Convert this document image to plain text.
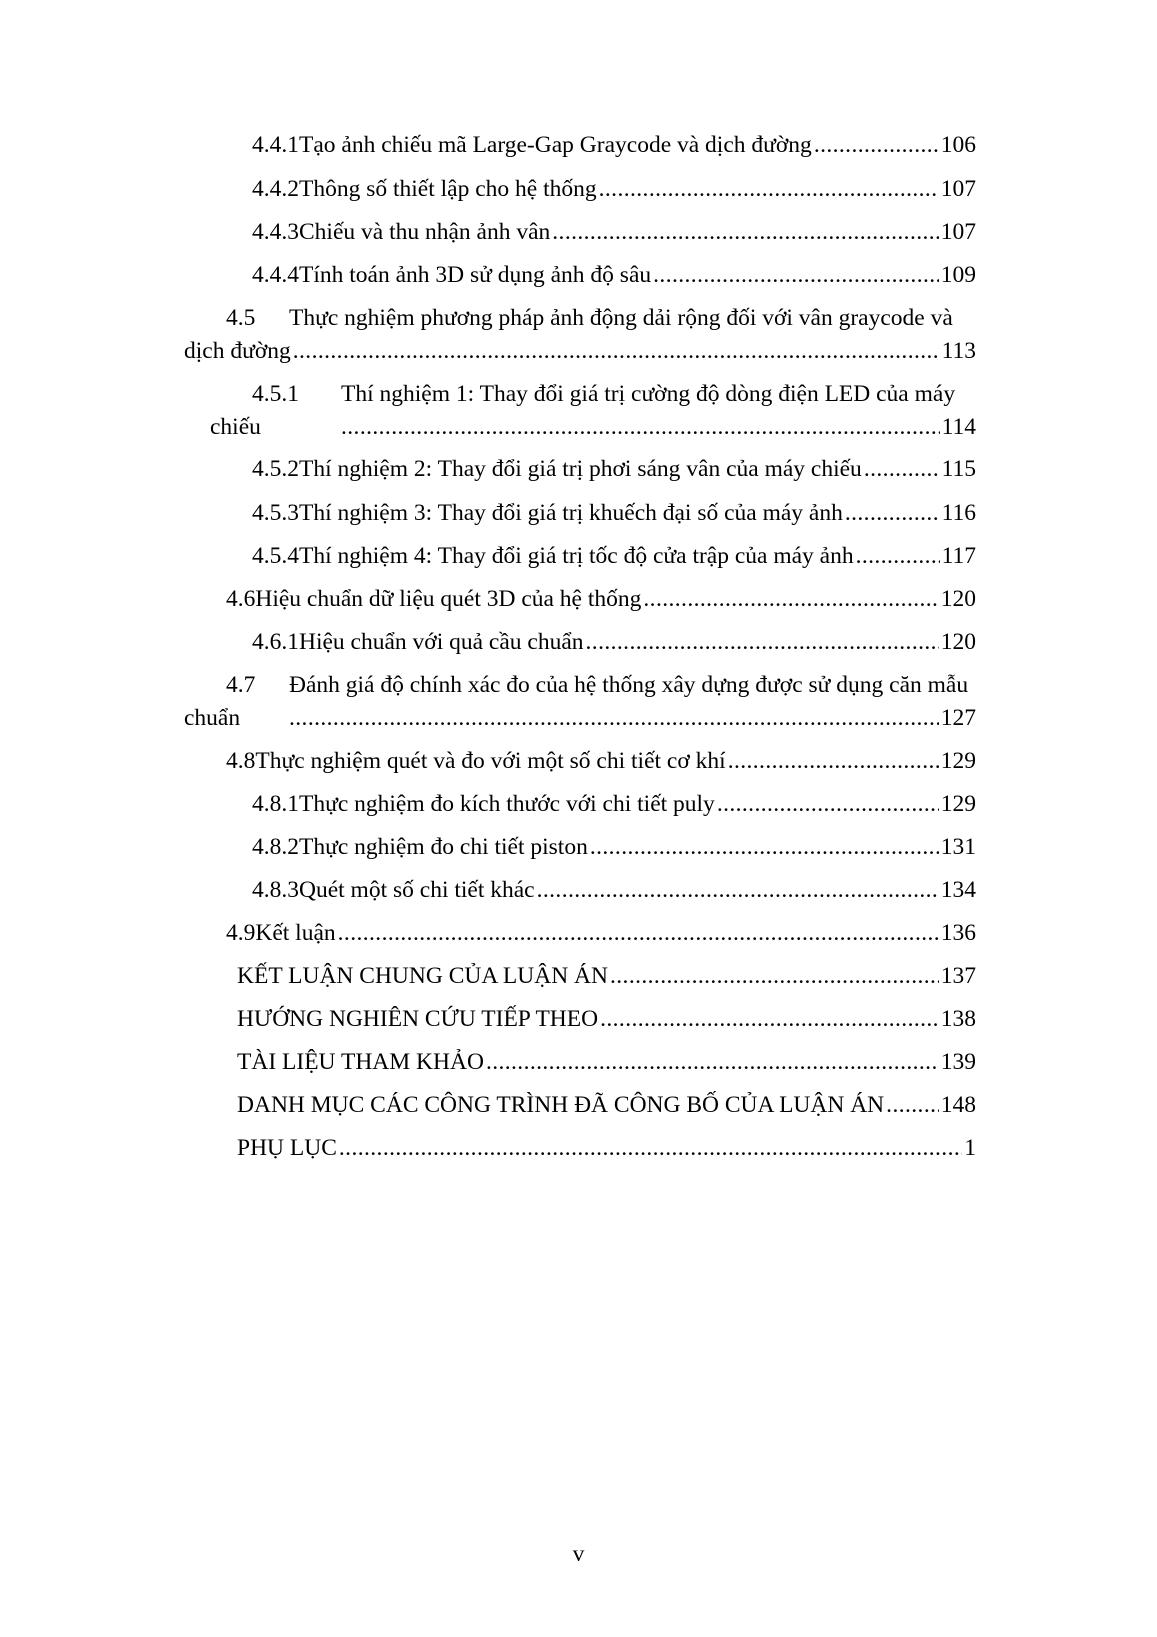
4.4.1 Tạo ảnh chiếu mã Large-Gap Graycode và dịch đường .....	106
4.4.2 Thông số thiết lập cho hệ thống .....	107
4.4.3 Chiếu và thu nhận ảnh vân .....	107
4.4.4 Tính toán ảnh 3D sử dụng ảnh độ sâu .....	109
4.5 Thực nghiệm phương pháp ảnh động dải rộng đối với vân graycode và
dịch đường .....	113
4.5.1 Thí nghiệm 1: Thay đổi giá trị cường độ dòng điện LED của máy
chiếu .....	114
4.5.2 Thí nghiệm 2: Thay đổi giá trị phơi sáng vân của máy chiếu .....	115
4.5.3 Thí nghiệm 3: Thay đổi giá trị khuếch đại số của máy ảnh .....	116
4.5.4 Thí nghiệm 4: Thay đổi giá trị tốc độ cửa trập của máy ảnh .....	117
4.6 Hiệu chuẩn dữ liệu quét 3D của hệ thống .....	120
4.6.1 Hiệu chuẩn với quả cầu chuẩn .....	120
4.7 Đánh giá độ chính xác đo của hệ thống xây dựng được sử dụng căn mẫu
chuẩn .....	127
4.8 Thực nghiệm quét và đo với một số chi tiết cơ khí .....	129
4.8.1 Thực nghiệm đo kích thước với chi tiết puly .....	129
4.8.2 Thực nghiệm đo chi tiết piston .....	131
4.8.3 Quét một số chi tiết khác .....	134
4.9 Kết luận .....	136
KẾT LUẬN CHUNG CỦA LUẬN ÁN .....	137
HƯỚNG NGHIÊN CỨU TIẾP THEO .....	138
TÀI LIỆU THAM KHẢO .....	139
DANH MỤC CÁC CÔNG TRÌNH ĐÃ CÔNG BỐ CỦA LUẬN ÁN ..... 148
PHỤ LỤC .....	1
v
